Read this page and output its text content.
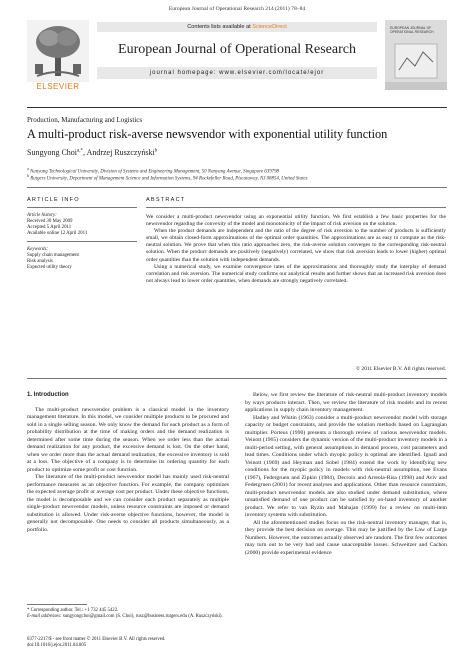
European Journal of Operational Research 214 (2011) 78–84
ELSEVIER
Contents lists available at ScienceDirect
European Journal of Operational Research
journal homepage: www.elsevier.com/locate/ejor
EUROPEAN JOURNAL OF OPERATIONAL RESEARCH
Production, Manufacturing and Logistics
A multi-product risk-averse newsvendor with exponential utility function
Sungyong Choi$^{a,*}$, Andrzej Ruszczyński$^b$
$^a$ Nanyang Technological University, Division of Systems and Engineering Management, 50 Nanyang Avenue, Singapore 639798
$^b$ Rutgers University, Department of Management Science and Information Systems, 94 Rockefeller Road, Piscataway, NJ 08854, United States
ARTICLE INFO	ABSTRACT
Article history:
Received 30 May 2009
Accepted 5 April 2011
Available online 12 April 2011
Keywords:
Supply chain management
Risk analysis
Expected utility theory

We consider a multi-product newsvendor using an exponential utility function. We first establish a few basic properties for the newsvendor regarding the convexity of the model and monotonicity of the impact of risk aversion on the solution.

When the product demands are independent and the ratio of the degree of risk aversion to the number of products is sufficiently small, we obtain closed-form approximations of the optimal order quantities. The approximations are as easy to compute as the risk-neutral solution. We prove that when this ratio approaches zero, the risk-averse solution converges to the corresponding risk-neutral solution. When the product demands are positively (negatively) correlated, we show that risk aversion leads to lower (higher) optimal order quantities than the solution with independent demands.

Using a numerical study, we examine convergence rates of the approximations and thoroughly study the interplay of demand correlation and risk aversion. The numerical study confirms our analytical results and further shows that an increased risk aversion does not always lead to lower order quantities, when demands are strongly negatively correlated.

© 2011 Elsevier B.V. All rights reserved.
1. Introduction

The multi-product newsvendor problem is a classical model in the inventory management literature. In this model, we consider multiple products to be procured and sold in a single selling season. We only know the demand for each product as a form of probability distribution at the time of making orders and the demand realization is determined after some time during the season. When we order less than the actual demand realization for any product, the excessive demand is lost. On the other hand, when we order more than the actual demand realization, the excessive inventory is sold at a loss. The objective of a company is to determine its ordering quantity for each product to optimize some profit or cost function.

The literature of the multi-product newsvendor model has mainly used risk-neutral performance measures as an objective function. For example, the company optimizes the expected average profit or average cost per product. Under these objective functions, the model is decomposable and we can consider each product separately as multiple single-product newsvendor models, unless resource constraints are imposed or demand substitution is allowed. Under risk-averse objective functions, however, the model is generally not decomposable. One needs to consider all products simultaneously, as a portfolio.

Below, we first review the literature of risk-neutral multi-product inventory models by ways products interact. Then, we review the literature of risk models and its recent applications in supply chain inventory management.

Hadley and Whitin (1963) consider a multi-product newsvendor model with storage capacity or budget constraints, and provide the solution methods based on Lagrangian multiplier. Porteus (1990) presents a thorough review of various newsvendor models. Veinott (1965) considers the dynamic version of the multi-product inventory models in a multi-period setting, with general assumptions in demand process, cost parameters and lead times. Conditions under which myopic policy is optimal are identified. Ignall and Veinott (1969) and Heyman and Sobel (1984) extend the work by identifying new conditions for the myopic policy in models with risk-neutral assumption, see Evans (1967), Federgruen and Zipkin (1984), Decroix and Arreola-Risa (1998) and Aviv and Federgruen (2001) for recent analyses and applications. Other than resource constraints, multi-product newsvendor models are also studied under demand substitution, where unsatisfied demand of one product can be satisfied by on-hand inventory of another product. We refer to van Ryzin and Mahajan (1999) for a review on multi-item inventory systems with substitution.

All the aforementioned studies focus on the risk-neutral inventory manager, that is, they provide the best decision on average. This may be justified by the Law of Large Numbers. However, the outcomes actually observed are random. The first few outcomes may turn out to be very bad and cause unacceptable losses. Schweitzer and Cachon (2000) provide experimental evidence

* Corresponding author. Tel.: +1 732 445 5422.
E-mail addresses: sungyongchoi@gmail.com (S. Choi), rusz@business.rutgers.edu (A. Ruszczyński).
0377-2217/$ - see front matter © 2011 Elsevier B.V. All rights reserved.
doi:10.1016/j.ejor.2011.04.005
